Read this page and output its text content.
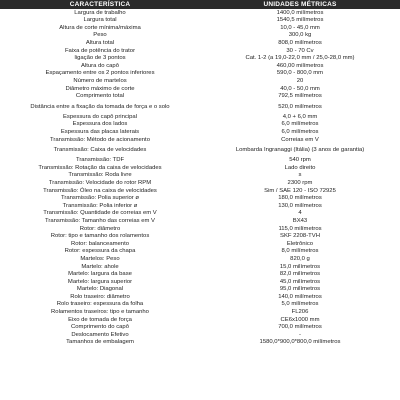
CARACTERÍSTICA	UNIDADES MÉTRICAS
Largura de trabalho	1400,0 milímetros
Largura total	1540,5 milímetros
Altura de corte mínima/máxima	10,0 - 45,0 mm
Peso	300,0 kg
Altura total	808,0 milímetros
Faixa de potência do trator	30 - 70 Cv
ligação de 3 pontos	Cat. 1-2 (a 19,0-22,0 mm / 25,0-28,0 mm)
Altura do capô	460,00 milímetros
Espaçamento entre os 2 pontos inferiores	590,0 - 800,0 mm
Número de martelos	20
Diâmetro máximo de corte	40,0 - 50,0 mm
Comprimento total	792,5 milímetros
Distância entre a fixação da tomada de força e o solo	520,0 milímetros
Espessura do capô principal	4,0 + 6,0 mm
Espessura dos lados	6,0 milímetros
Espessura das placas laterais	6,0 milímetros
Transmissão: Método de acionamento	Correias em V
Transmissão: Caixa de velocidades	Lombarda Ingranaggi (Itália) (3 anos de garantia)
Transmissão: TDF	540 rpm
Transmissão: Rotação da caixa de velocidades	Lado direito
Transmissão: Roda livre	s
Transmissão: Velocidade do rotor RPM	2300 rpm
Transmissão: Óleo na caixa de velocidades	Sim / SAE 120 - ISO 72925
Transmissão: Polia superior ø	180,0 milímetros
Transmissão: Polia inferior ø	130,0 milímetros
Transmissão: Quantidade de correias em V	4
Transmissão: Tamanho das correias em V	BX43
Rotor: diâmetro	115,0 milímetros
Rotor: tipo e tamanho dos rolamentos	SKF 2208-TVH
Rotor: balanceamento	Eletrônico
Rotor: espessura da chapa	8,0 milímetros
Martelos: Peso	820,0 g
Martelo: ahole	15,0 milímetros
Martelo: largura da base	82,0 milímetros
Martelo: largura superior	45,0 milímetros
Martelo: Diagonal	95,0 milímetros
Rolo traseiro: diâmetro	140,0 milímetros
Rolo traseiro: espessura da folha	5,0 milímetros
Rolamentos traseiros: tipo e tamanho	FL206
Eixo de tomada de força	CE6x1000 mm
Comprimento do capô	700,0 milímetros
Deslocamento Efetivo	-
Tamanhos de embalagem	1580,0*900,0*800,0 milímetros
